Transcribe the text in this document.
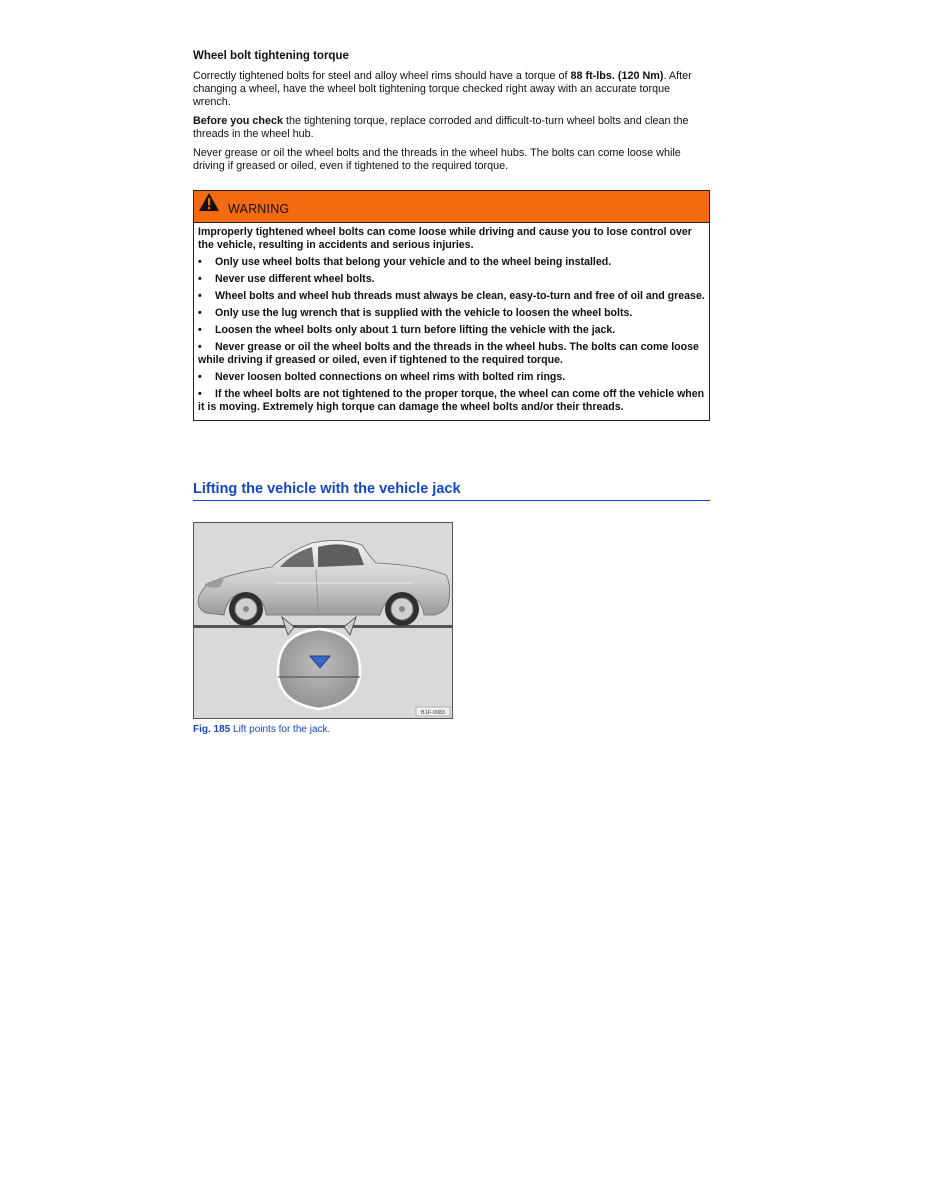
Wheel bolt tightening torque

Correctly tightened bolts for steel and alloy wheel rims should have a torque of 88 ft-lbs. (120 Nm). After changing a wheel, have the wheel bolt tightening torque checked right away with an accurate torque wrench.

Before you check the tightening torque, replace corroded and difficult-to-turn wheel bolts and clean the threads in the wheel hub.

Never grease or oil the wheel bolts and the threads in the wheel hubs. The bolts can come loose while driving if greased or oiled, even if tightened to the required torque.

WARNING
Improperly tightened wheel bolts can come loose while driving and cause you to lose control over the vehicle, resulting in accidents and serious injuries.
• Only use wheel bolts that belong your vehicle and to the wheel being installed.
• Never use different wheel bolts.
• Wheel bolts and wheel hub threads must always be clean, easy-to-turn and free of oil and grease.
• Only use the lug wrench that is supplied with the vehicle to loosen the wheel bolts.
• Loosen the wheel bolts only about 1 turn before lifting the vehicle with the jack.
• Never grease or oil the wheel bolts and the threads in the wheel hubs. The bolts can come loose while driving if greased or oiled, even if tightened to the required torque.
• Never loosen bolted connections on wheel rims with bolted rim rings.
• If the wheel bolts are not tightened to the proper torque, the wheel can come off the vehicle when it is moving. Extremely high torque can damage the wheel bolts and/or their threads.
Lifting the vehicle with the vehicle jack
B1F-0083
Fig. 185 Lift points for the jack.
